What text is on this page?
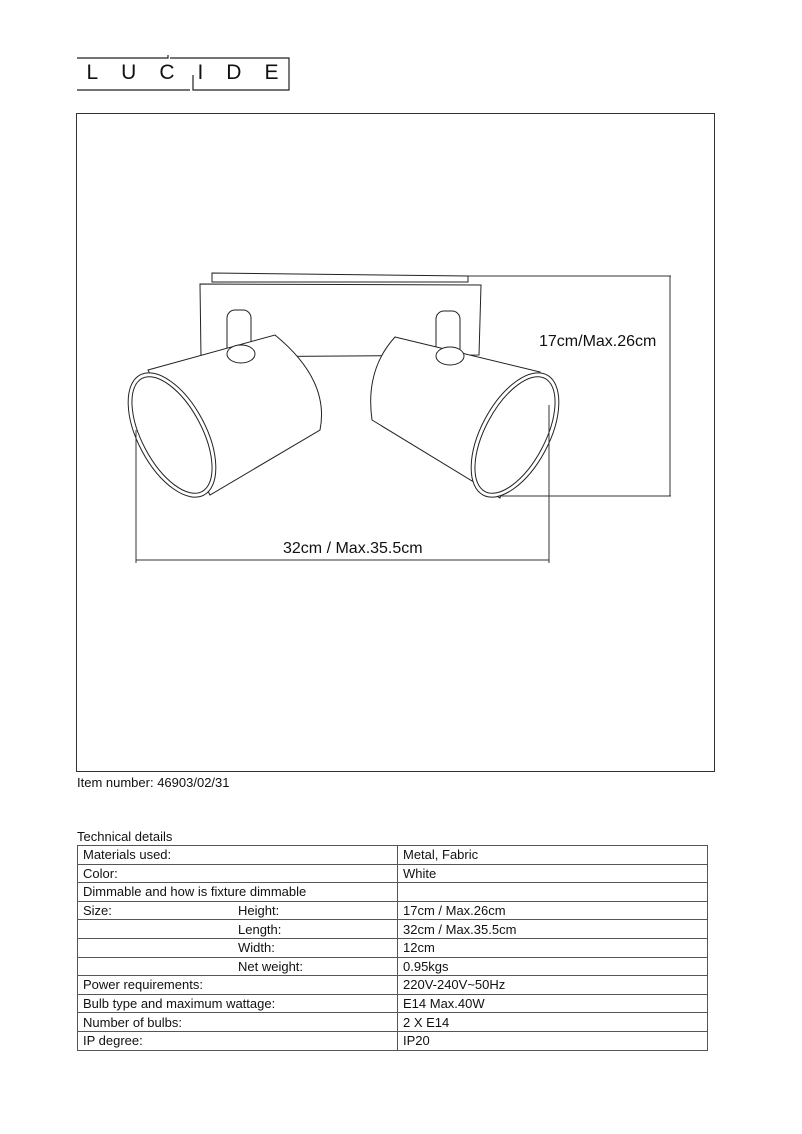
L U C I D E
17cm/Max.26cm
32cm / Max.35.5cm
Item number: 46903/02/31
Technical details
Materials used:	Metal, Fabric

Color:	White

Dimmable and how is fixture dimmable	

Size: Height:	17cm / Max.26cm

Length:	32cm / Max.35.5cm

Width:	12cm

Net weight:	0.95kgs

Power requirements:	220V-240V~50Hz

Bulb type and maximum wattage:	E14 Max.40W

Number of bulbs:	2 X E14

IP degree:	IP20
